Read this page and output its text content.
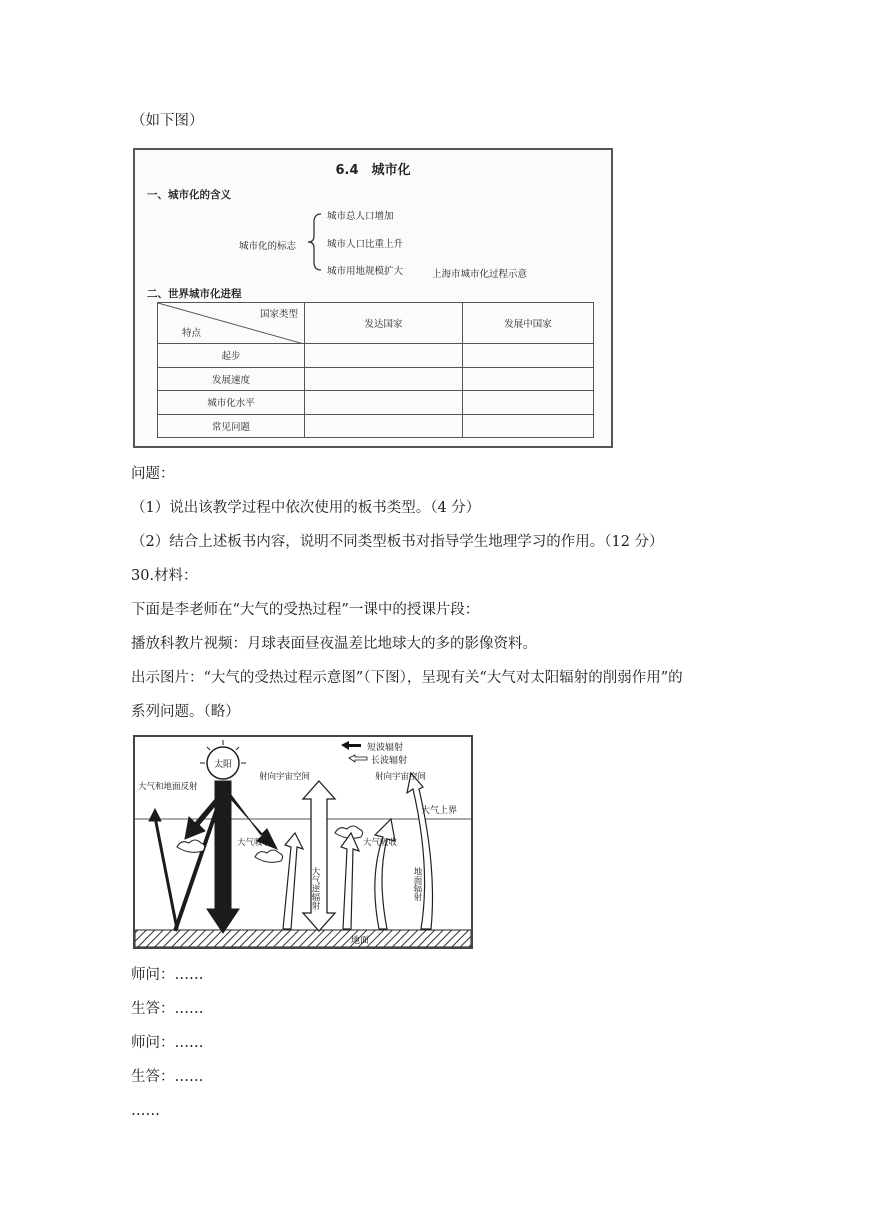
（如下图）
6.4　城市化
一、城市化的含义
城市化的标志
城市总人口增加
城市人口比重上升
城市用地规模扩大	上海市城市化过程示意
二、世界城市化进程
国家类型
特点	发达国家	发展中国家
起步		
发展速度		
城市化水平		
常见问题		
问题：
（1）说出该教学过程中依次使用的板书类型。（4 分）
（2）结合上述板书内容，说明不同类型板书对指导学生地理学习的作用。（12 分）
30.材料：
下面是李老师在“大气的受热过程”一课中的授课片段：
播放科教片视频：月球表面昼夜温差比地球大的多的影像资料。
出示图片：“大气的受热过程示意图”（下图），呈现有关“大气对太阳辐射的削弱作用”的
系列问题。（略）
太阳
短波辐射
长波辐射
射向宇宙空间	射向宇宙空间
大气和地面反射
大气吸收	大气吸收
大气上界
大气逆辐射	地面辐射
地面
师问：……
生答：……
师问：……
生答：……
……
